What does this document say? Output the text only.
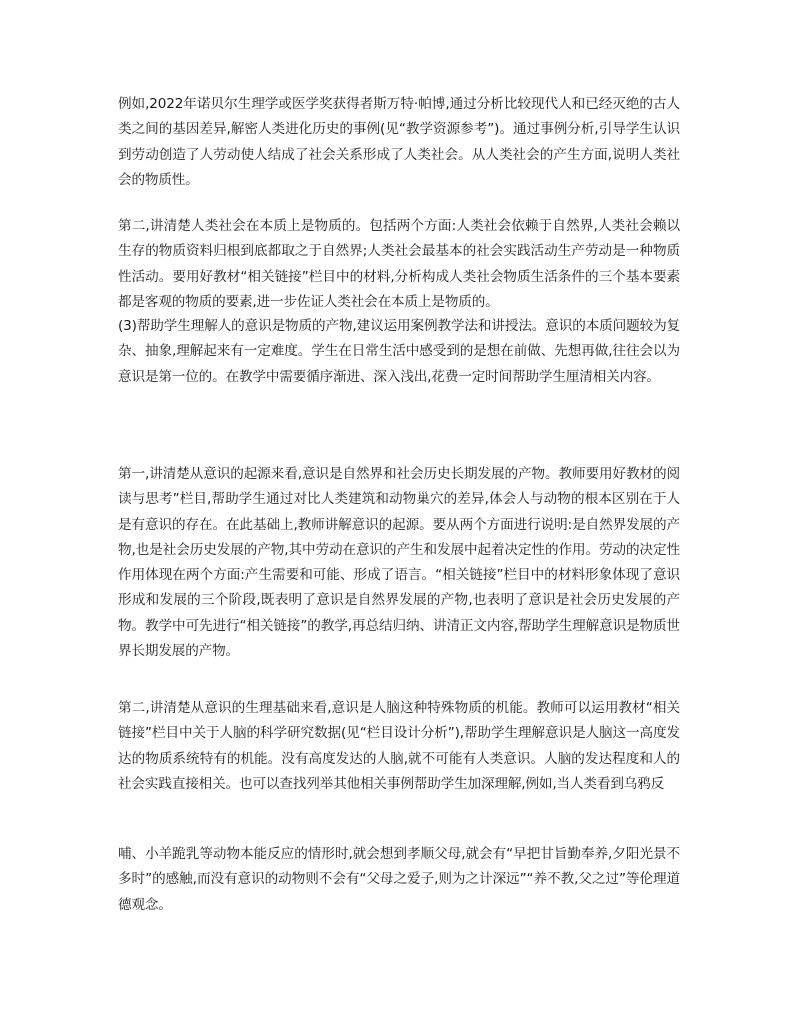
例如,2022年诺贝尔生理学或医学奖获得者斯万特·帕博,通过分析比较现代人和已经灭绝的古人类之间的基因差异,解密人类进化历史的事例(见“教学资源参考”)。通过事例分析,引导学生认识到劳动创造了人劳动使人结成了社会关系形成了人类社会。从人类社会的产生方面,说明人类社会的物质性。

第二,讲清楚人类社会在本质上是物质的。包括两个方面:人类社会依赖于自然界,人类社会赖以生存的物质资料归根到底都取之于自然界;人类社会最基本的社会实践活动生产劳动是一种物质性活动。要用好教材“相关链接”栏目中的材料,分析构成人类社会物质生活条件的三个基本要素都是客观的物质的要素,进一步佐证人类社会在本质上是物质的。

(3)帮助学生理解人的意识是物质的产物,建议运用案例教学法和讲授法。意识的本质问题较为复杂、抽象,理解起来有一定难度。学生在日常生活中感受到的是想在前做、先想再做,往往会以为意识是第一位的。在教学中需要循序渐进、深入浅出,花费一定时间帮助学生厘清相关内容。

第一,讲清楚从意识的起源来看,意识是自然界和社会历史长期发展的产物。教师要用好教材的阅读与思考”栏目,帮助学生通过对比人类建筑和动物巢穴的差异,体会人与动物的根本区别在于人是有意识的存在。在此基础上,教师讲解意识的起源。要从两个方面进行说明:是自然界发展的产物,也是社会历史发展的产物,其中劳动在意识的产生和发展中起着决定性的作用。劳动的决定性作用体现在两个方面:产生需要和可能、形成了语言。“相关链接”栏目中的材料形象体现了意识形成和发展的三个阶段,既表明了意识是自然界发展的产物,也表明了意识是社会历史发展的产物。教学中可先进行“相关链接”的教学,再总结归纳、讲清正文内容,帮助学生理解意识是物质世界长期发展的产物。

第二,讲清楚从意识的生理基础来看,意识是人脑这种特殊物质的机能。教师可以运用教材“相关链接”栏目中关于人脑的科学研究数据(见“栏目设计分析”),帮助学生理解意识是人脑这一高度发达的物质系统特有的机能。没有高度发达的人脑,就不可能有人类意识。人脑的发达程度和人的社会实践直接相关。也可以查找列举其他相关事例帮助学生加深理解,例如,当人类看到乌鸦反

哺、小羊跪乳等动物本能反应的情形时,就会想到孝顺父母,就会有“早把甘旨勤奉养,夕阳光景不多时”的感触,而没有意识的动物则不会有“父母之爱子,则为之计深远”“养不教,父之过”等伦理道德观念。
